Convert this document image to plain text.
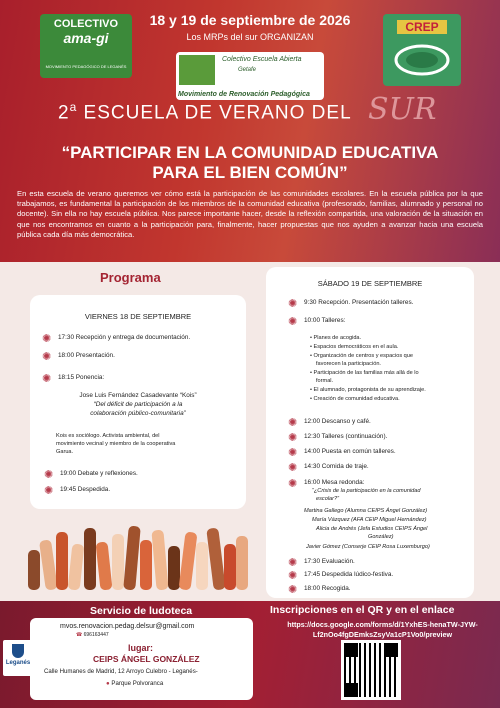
COLECTIVO
ama-gi
MOVIMIENTO PEDAGÓGICO DE LEGANÉS
CREP
Colectivo Escuela Abierta
Getafe
Movimiento de Renovación Pedagógica
18 y 19 de septiembre de 2026
Los MRPs del sur ORGANIZAN
2$^a$ ESCUELA DE VERANO DEL SUR
“PARTICIPAR EN LA COMUNIDAD EDUCATIVA
PARA EL BIEN COMÚN”
En esta escuela de verano queremos ver cómo está la participación de las comunidades escolares. En la escuela pública por la que trabajamos, es fundamental la participación de los miembros de la comunidad educativa (profesorado, familias, alumnado y personal no docente). Sin ella no hay escuela pública. Nos parece importante hacer, desde la reflexión compartida, una valoración de la situación en que nos encontramos en cuanto a la participación para, finalmente, hacer propuestas que nos ayuden a avanzar hacia una escuela pública cada día más democrática.
Programa
VIERNES 18 DE SEPTIEMBRE
✺ 17:30 Recepción y entrega de documentación.
✺ 18:00 Presentación.
✺ 18:15 Ponencia:
Jose Luis Fernández Casadevante “Kois”
“Del déficit de participación a la
colaboración público-comunitaria”
Kois es sociólogo. Activista ambiental, del
movimiento vecinal y miembro de la cooperativa
Garua.
✺ 19:00 Debate y reflexiones.
✺ 19:45 Despedida.
SÁBADO 19 DE SEPTIEMBRE
✺ 9:30 Recepción. Presentación talleres.
✺ 10:00 Talleres:
• Planes de acogida.
• Espacios democráticos en el aula.
• Organización de centros y espacios que
favorecen la participación.
• Participación de las familias más allá de lo
formal.
• El alumnado, protagonista de su aprendizaje.
• Creación de comunidad educativa.
✺ 12:00 Descanso y café.
✺ 12:30 Talleres (continuación).
✺ 14:00 Puesta en común talleres.
✺ 14:30 Comida de traje.
✺ 16:00 Mesa redonda:
“¿Crisis de la participación en la comunidad
escolar?”
Martina Gallego (Alumna CEIPS Ángel González)
María Vázquez (AFA CEIP Miguel Hernández)
Alicia de Andrés (Jefa Estudios CEIPS Ángel
González)
Javier Gómez (Conserje CEIP Rosa Luxemburgo)
✺ 17:30 Evaluación.
✺ 17:45 Despedida lúdico-festiva.
✺ 18:00 Recogida.
Servicio de ludoteca
mvos.renovacion.pedag.delsur@gmail.com
☎ 696163447
lugar:
CEIPS ÁNGEL GONZÁLEZ
Calle Humanes de Madrid, 12 Arroyo Culebro - Leganés-
● Parque Polvoranca
Leganés
Inscripciones en el QR y en el enlace
https://docs.google.com/forms/d/1YxhES-henaTW-JYW-
Lf2nOo4fgDEmksZsyVa1cP1Vo0/preview
